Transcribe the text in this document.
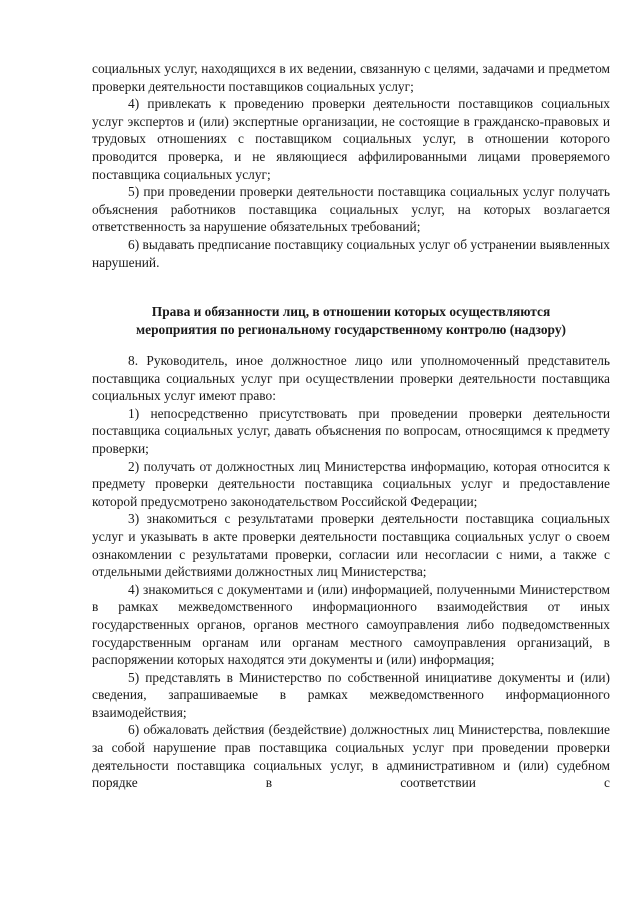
социальных услуг, находящихся в их ведении, связанную с целями, задачами и предметом проверки деятельности поставщиков социальных услуг;

4) привлекать к проведению проверки деятельности поставщиков социальных услуг экспертов и (или) экспертные организации, не состоящие в гражданско-правовых и трудовых отношениях с поставщиком социальных услуг, в отношении которого проводится проверка, и не являющиеся аффилированными лицами проверяемого поставщика социальных услуг;

5) при проведении проверки деятельности поставщика социальных услуг получать объяснения работников поставщика социальных услуг, на которых возлагается ответственность за нарушение обязательных требований;

6) выдавать предписание поставщику социальных услуг об устранении выявленных нарушений.

Права и обязанности лиц, в отношении которых осуществляются
мероприятия по региональному государственному контролю (надзору)

8. Руководитель, иное должностное лицо или уполномоченный представитель поставщика социальных услуг при осуществлении проверки деятельности поставщика социальных услуг имеют право:

1) непосредственно присутствовать при проведении проверки деятельности поставщика социальных услуг, давать объяснения по вопросам, относящимся к предмету проверки;

2) получать от должностных лиц Министерства информацию, которая относится к предмету проверки деятельности поставщика социальных услуг и предоставление которой предусмотрено законодательством Российской Федерации;

3) знакомиться с результатами проверки деятельности поставщика социальных услуг и указывать в акте проверки деятельности поставщика социальных услуг о своем ознакомлении с результатами проверки, согласии или несогласии с ними, а также с отдельными действиями должностных лиц Министерства;

4) знакомиться с документами и (или) информацией, полученными Министерством в рамках межведомственного информационного взаимодействия от иных государственных органов, органов местного самоуправления либо подведомственных государственным органам или органам местного самоуправления организаций, в распоряжении которых находятся эти документы и (или) информация;

5) представлять в Министерство по собственной инициативе документы и (или) сведения, запрашиваемые в рамках межведомственного информационного взаимодействия;

6) обжаловать действия (бездействие) должностных лиц Министерства, повлекшие за собой нарушение прав поставщика социальных услуг при проведении проверки деятельности поставщика социальных услуг, в административном и (или) судебном порядке в соответствии с
